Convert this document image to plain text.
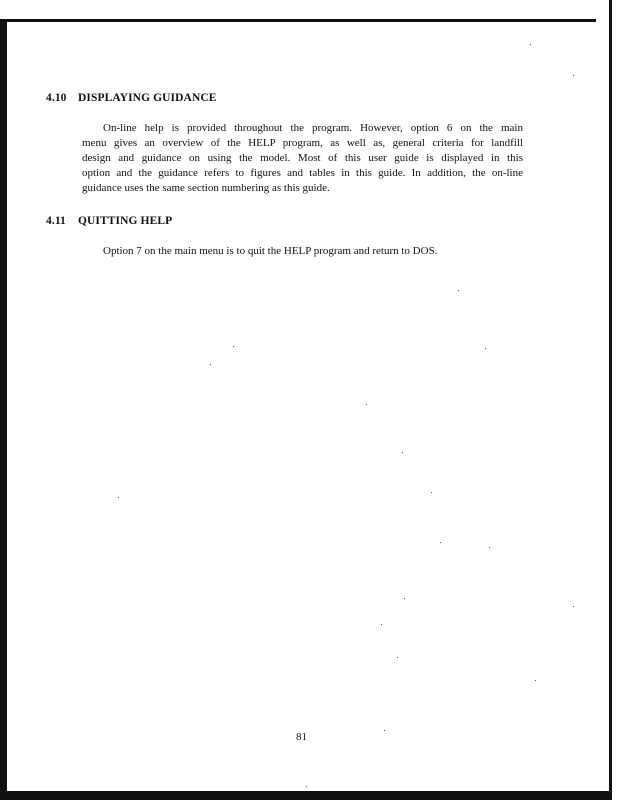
4.10 DISPLAYING GUIDANCE
On-line help is provided throughout the program. However, option 6 on the main
menu gives an overview of the HELP program, as well as, general criteria for landfill
design and guidance on using the model. Most of this user guide is displayed in this
option and the guidance refers to figures and tables in this guide. In addition, the on-line
guidance uses the same section numbering as this guide.
4.11 QUITTING HELP
Option 7 on the main menu is to quit the HELP program and return to DOS.
81
